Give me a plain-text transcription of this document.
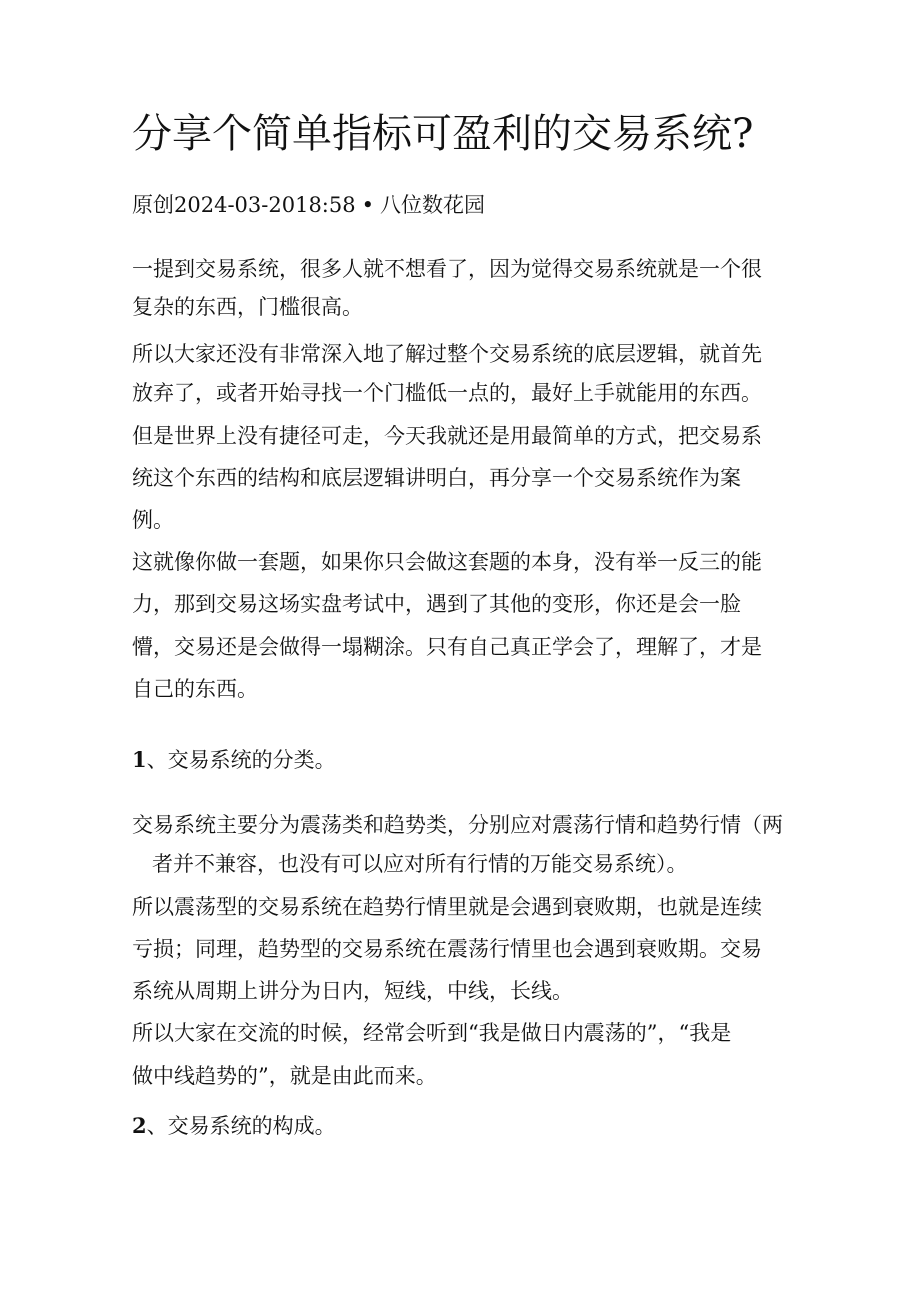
分享个简单指标可盈利的交易系统?
原创2024-03-2018:58 • 八位数花园
一提到交易系统，很多人就不想看了，因为觉得交易系统就是一个很
复杂的东西，门槛很高。
所以大家还没有非常深入地了解过整个交易系统的底层逻辑，就首先
放弃了，或者开始寻找一个门槛低一点的，最好上手就能用的东西。
但是世界上没有捷径可走，今天我就还是用最简单的方式，把交易系
统这个东西的结构和底层逻辑讲明白，再分享一个交易系统作为案
例。
这就像你做一套题，如果你只会做这套题的本身，没有举一反三的能
力，那到交易这场实盘考试中，遇到了其他的变形，你还是会一脸
懵，交易还是会做得一塌糊涂。只有自己真正学会了，理解了，才是
自己的东西。
1、交易系统的分类。
交易系统主要分为震荡类和趋势类，分别应对震荡行情和趋势行情（两
者并不兼容，也没有可以应对所有行情的万能交易系统）。
所以震荡型的交易系统在趋势行情里就是会遇到衰败期，也就是连续
亏损；同理，趋势型的交易系统在震荡行情里也会遇到衰败期。交易
系统从周期上讲分为日内，短线，中线，长线。
所以大家在交流的时候，经常会听到“我是做日内震荡的”，“我是
做中线趋势的”，就是由此而来。
2、交易系统的构成。
